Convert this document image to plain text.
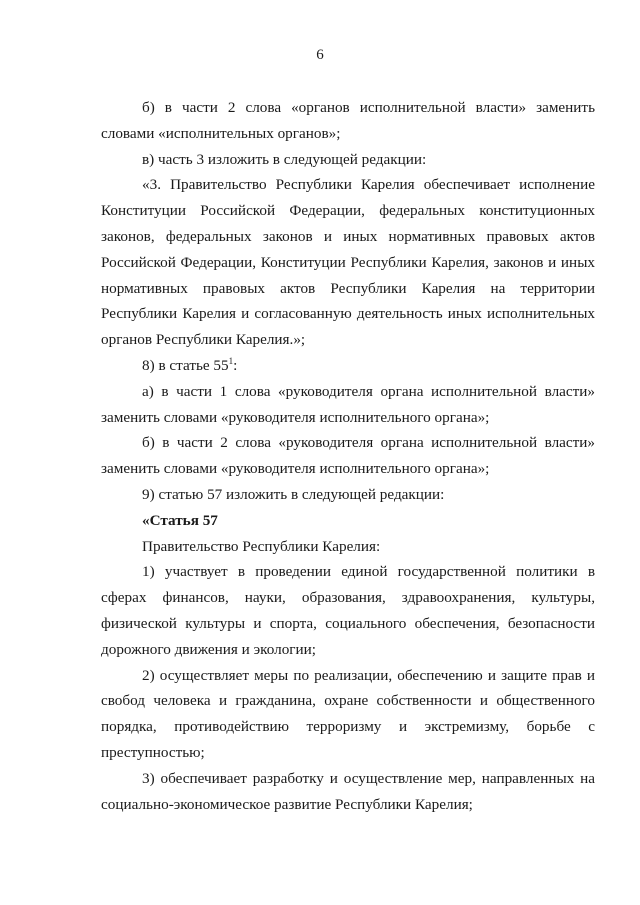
6

б) в части 2 слова «органов исполнительной власти» заменить словами «исполнительных органов»;

в) часть 3 изложить в следующей редакции:

«3. Правительство Республики Карелия обеспечивает исполнение Конституции Российской Федерации, федеральных конституционных законов, федеральных законов и иных нормативных правовых актов Российской Федерации, Конституции Республики Карелия, законов и иных нормативных правовых актов Республики Карелия на территории Республики Карелия и согласованную деятельность иных исполнительных органов Республики Карелия.»;

8) в статье $55^1$:

a) в части 1 слова «руководителя органа исполнительной власти» заменить словами «руководителя исполнительного органа»;

б) в части 2 слова «руководителя органа исполнительной власти» заменить словами «руководителя исполнительного органа»;

9) статью 57 изложить в следующей редакции:

«Статья 57

Правительство Республики Карелия:

1) участвует в проведении единой государственной политики в сферах финансов, науки, образования, здравоохранения, культуры, физической культуры и спорта, социального обеспечения, безопасности дорожного движения и экологии;

2) осуществляет меры по реализации, обеспечению и защите прав и свобод человека и гражданина, охране собственности и общественного порядка, противодействию терроризму и экстремизму, борьбе с преступностью;

3) обеспечивает разработку и осуществление мер, направленных на социально-экономическое развитие Республики Карелия;
